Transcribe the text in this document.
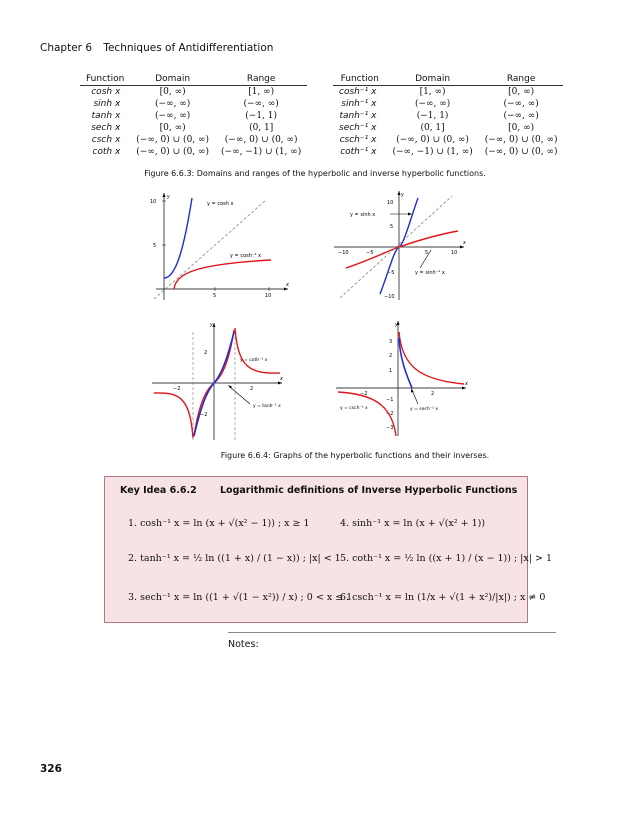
Chapter 6 Techniques of Antidifferentiation
Function	Domain	Range
cosh x	[0, ∞)	[1, ∞)
sinh x	(−∞, ∞)	(−∞, ∞)
tanh x	(−∞, ∞)	(−1, 1)
sech x	[0, ∞)	(0, 1]
csch x	(−∞, 0) ∪ (0, ∞)	(−∞, 0) ∪ (0, ∞)
coth x	(−∞, 0) ∪ (0, ∞)	(−∞, −1) ∪ (1, ∞)
Function	Domain	Range
cosh⁻¹ x	[1, ∞)	[0, ∞)
sinh⁻¹ x	(−∞, ∞)	(−∞, ∞)
tanh⁻¹ x	(−1, 1)	(−∞, ∞)
sech⁻¹ x	(0, 1]	[0, ∞)
csch⁻¹ x	(−∞, 0) ∪ (0, ∞)	(−∞, 0) ∪ (0, ∞)
coth⁻¹ x	(−∞, −1) ∪ (1, ∞)	(−∞, 0) ∪ (0, ∞)
Figure 6.6.3: Domains and ranges of the hyperbolic and inverse hyperbolic functions.
x
y
5	10
5
10	y = cosh x
y = cosh⁻¹ x
x
y
−10	−5	5	10
10
5
−5
−10
y = sinh x
y = sinh⁻¹ x
x
y
−2	2
2
−2
y = coth⁻¹ x
y = tanh⁻¹ x
x
y
−2	2
3
2
1
−1
−2
−3
y = csch⁻¹ x	y = sech⁻¹ x
Figure 6.6.4: Graphs of the hyperbolic functions and their inverses.
Key Idea 6.6.2 Logarithmic definitions of Inverse Hyperbolic Functions
1. cosh⁻¹ x = ln (x + √(x² − 1)) ; x ≥ 1	4. sinh⁻¹ x = ln (x + √(x² + 1))
2. tanh⁻¹ x = ½ ln ((1 + x) / (1 − x)) ; |x| < 1 5. coth⁻¹ x = ½ ln ((x + 1) / (x − 1)) ; |x| > 1
3. sech⁻¹ x = ln ((1 + √(1 − x²)) / x) ; 0 < x ≤ 1
6. csch⁻¹ x = ln (1/x + √(1 + x²)/|x|) ; x ≠ 0
Notes:
326
